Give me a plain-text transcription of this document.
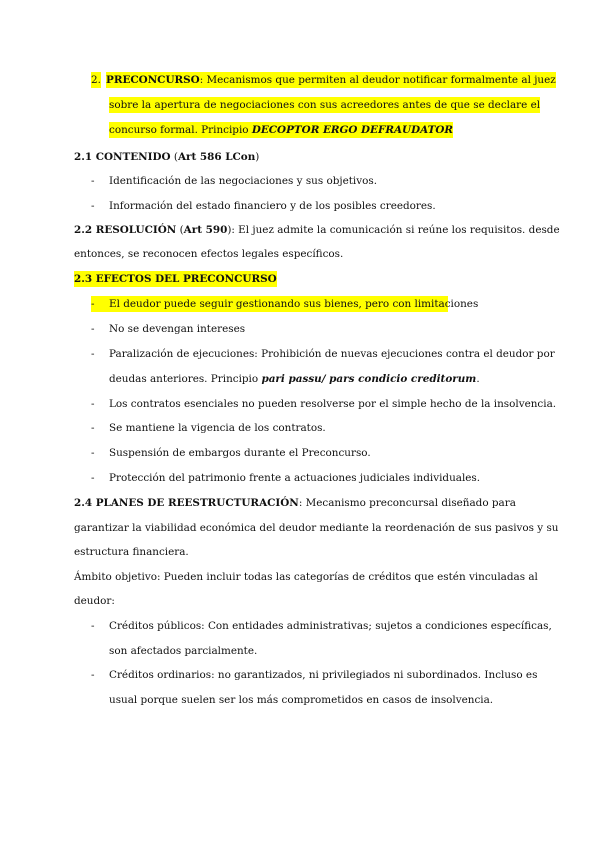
2. PRECONCURSO: Mecanismos que permiten al deudor notificar formalmente al juez
sobre la apertura de negociaciones con sus acreedores antes de que se declare el
concurso formal. Principio DECOPTOR ERGO DEFRAUDATOR
2.1 CONTENIDO (Art 586 LCon)
- Identificación de las negociaciones y sus objetivos.
- Información del estado financiero y de los posibles creedores.
2.2 RESOLUCIÓN (Art 590): El juez admite la comunicación si reúne los requisitos. desde
entonces, se reconocen efectos legales específicos.
2.3 EFECTOS DEL PRECONCURSO
- El deudor puede seguir gestionando sus bienes, pero con limitaciones
- No se devengan intereses
- Paralización de ejecuciones: Prohibición de nuevas ejecuciones contra el deudor por
deudas anteriores. Principio pari passu/ pars condicio creditorum.
- Los contratos esenciales no pueden resolverse por el simple hecho de la insolvencia.
- Se mantiene la vigencia de los contratos.
- Suspensión de embargos durante el Preconcurso.
- Protección del patrimonio frente a actuaciones judiciales individuales.
2.4 PLANES DE REESTRUCTURACIÓN: Mecanismo preconcursal diseñado para
garantizar la viabilidad económica del deudor mediante la reordenación de sus pasivos y su
estructura financiera.
Ámbito objetivo: Pueden incluir todas las categorías de créditos que estén vinculadas al
deudor:
- Créditos públicos: Con entidades administrativas; sujetos a condiciones específicas,
son afectados parcialmente.
- Créditos ordinarios: no garantizados, ni privilegiados ni subordinados. Incluso es
usual porque suelen ser los más comprometidos en casos de insolvencia.
